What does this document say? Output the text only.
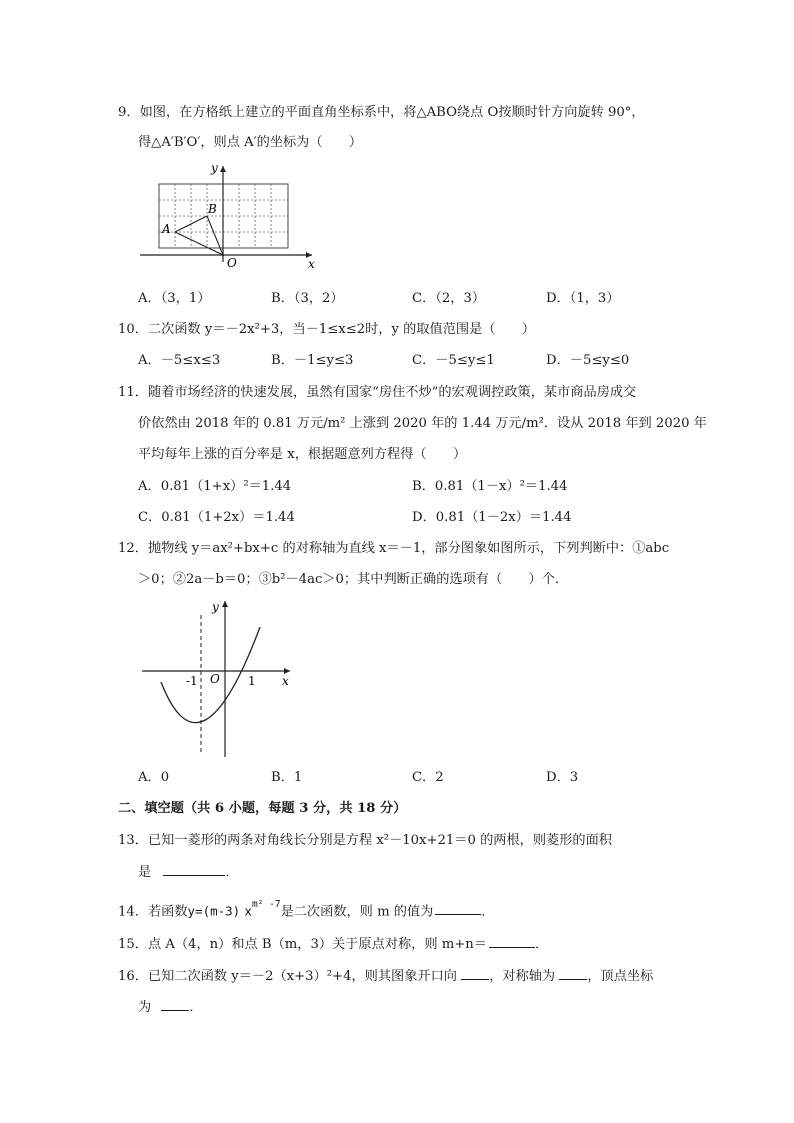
9．如图，在方格纸上建立的平面直角坐标系中，将△ABO绕点 O按顺时针方向旋转 90°，
得△A′B′O′，则点 A′的坐标为（　　）
y
x
A
B
O
A．（3，1）	B．（3，2）	C．（2，3）	D．（1，3）
10．二次函数 y＝－2x²+3，当－1≤x≤2时，y 的取值范围是（　　）
A．－5≤x≤3	B．－1≤y≤3	C．－5≤y≤1	D．－5≤y≤0
11．随着市场经济的快速发展，虽然有国家“房住不炒”的宏观调控政策，某市商品房成交
价依然由 2018 年的 0.81 万元/m² 上涨到 2020 年的 1.44 万元/m²．设从 2018 年到 2020 年
平均每年上涨的百分率是 x，根据题意列方程得（　　）
A．0.81（1+x）²＝1.44	B．0.81（1－x）²＝1.44
C．0.81（1+2x）＝1.44	D．0.81（1－2x）＝1.44
12．抛物线 y＝ax²+bx+c 的对称轴为直线 x＝－1，部分图象如图所示，下列判断中：①abc
＞0；②2a－b＝0；③b²－4ac＞0；其中判断正确的选项有（　　）个．
y
x
O
-1	1
A．0	B．1	C．2	D．3
二、填空题（共 6 小题，每题 3 分，共 18 分）
13．已知一菱形的两条对角线长分别是方程 x²－10x+21＝0 的两根，则菱形的面积
是	．
14．若函数y=(m-3) $x^{m^2 -7}$是二次函数，则 m 的值为	．
15．点 A（4，n）和点 B（m，3）关于原点对称，则 m+n＝	．
16．已知二次函数 y＝－2（x+3）²+4，则其图象开口向 ，对称轴为 ，顶点坐标
为	．
